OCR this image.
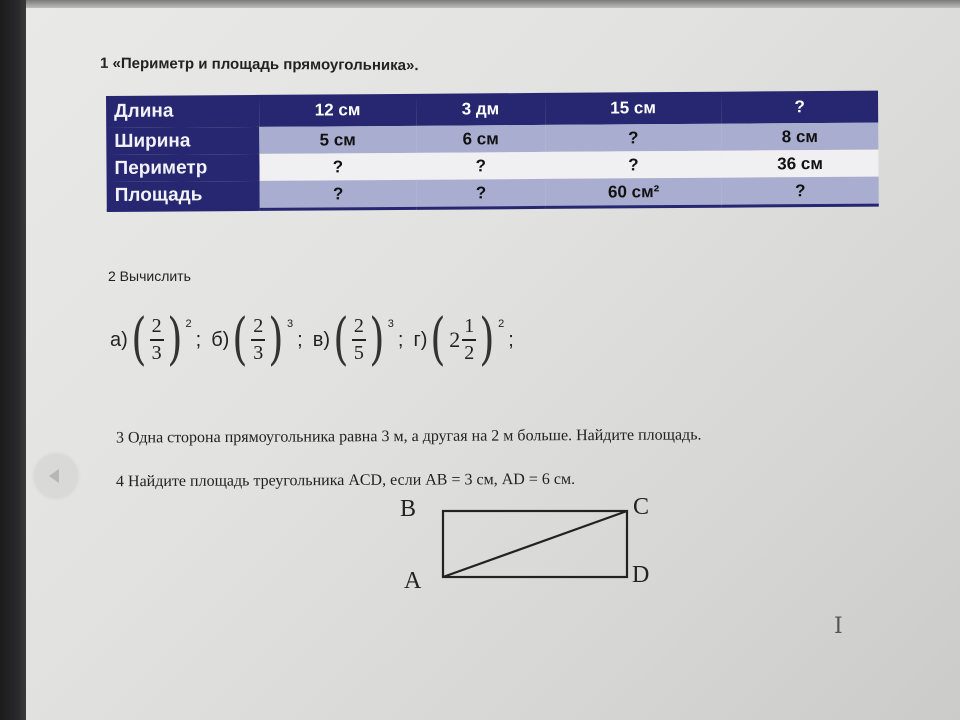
1 «Периметр и площадь прямоугольника».
Длина	12 см	3 дм	15 см	?
Ширина	5 см	6 см	?	8 см
Периметр	?	?	?	36 см
Площадь	?	?	60 см²	?
2 Вычислить
а) ( $\frac{2}{3}$ ) 2
; б) ( $\frac{2}{3}$ ) 3
; в) ( $\frac{2}{5}$ ) 3
; г) ( $2 \frac{1}{2}$ ) 2
;
3 Одна сторона прямоугольника равна 3 м, а другая на 2 м больше. Найдите площадь.
4 Найдите площадь треугольника ACD, если AB = 3 см, AD = 6 см.
B	C
A	D
I
